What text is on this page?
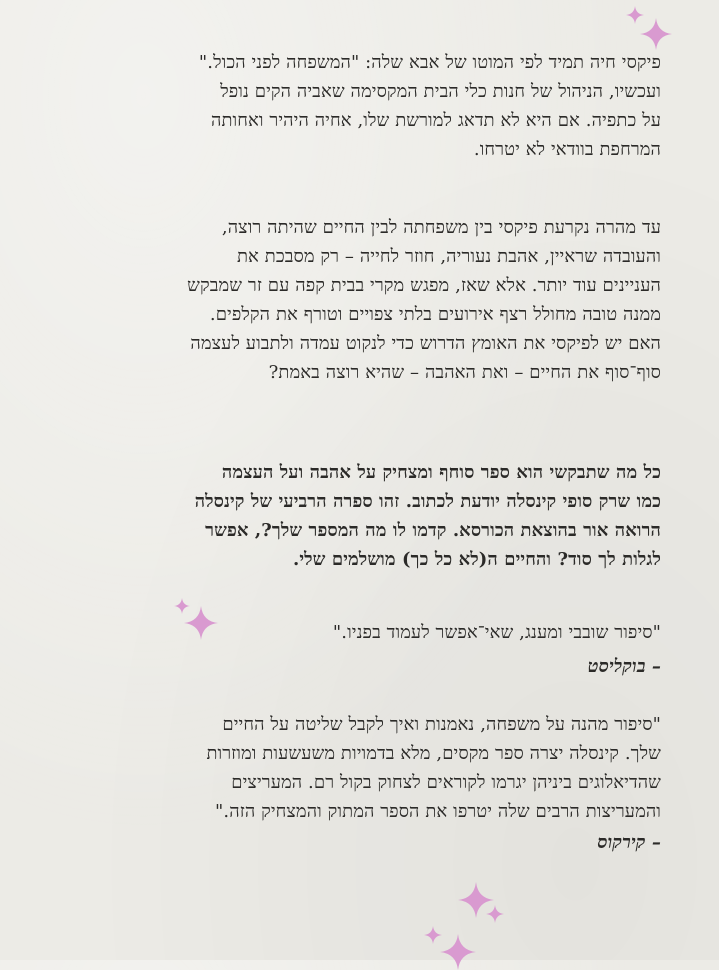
פיקסי חיה תמיד לפי המוטו של אבא שלה: "המשפחה לפני הכול."
ועכשיו, הניהול של חנות כלי הבית המקסימה שאביה הקים נופל
על כתפיה. אם היא לא תדאג למורשת שלו, אחיה היהיר ואחותה
המרחפת בוודאי לא יטרחו.

עד מהרה נקרעת פיקסי בין משפחתה לבין החיים שהיתה רוצה,
והעובדה שראיין, אהבת נעוריה, חוזר לחייה – רק מסבכת את
העניינים עוד יותר. אלא שאז, מפגש מקרי בבית קפה עם זר שמבקש
ממנה טובה מחולל רצף אירועים בלתי צפויים וטורף את הקלפים.
האם יש לפיקסי את האומץ הדרוש כדי לנקוט עמדה ולתבוע לעצמה
סוף־סוף את החיים – ואת האהבה – שהיא רוצה באמת?

כל מה שתבקשי הוא ספר סוחף ומצחיק על אהבה ועל העצמה
כמו שרק סופי קינסלה יודעת לכתוב. זהו ספרה הרביעי של קינסלה
הרואה אור בהוצאת הכורסא. קדמו לו מה המספר שלך?, אפשר
לגלות לך סוד? והחיים ה(לא כל כך) מושלמים שלי.

"סיפור שובבי ומענג, שאי־אפשר לעמוד בפניו."

– בוקליסט

"סיפור מהנה על משפחה, נאמנות ואיך לקבל שליטה על החיים
שלך. קינסלה יצרה ספר מקסים, מלא בדמויות משעשעות ומוזרות
שהדיאלוגים ביניהן יגרמו לקוראים לצחוק בקול רם. המעריצים
והמעריצות הרבים שלה יטרפו את הספר המתוק והמצחיק הזה."

– קירקוס
